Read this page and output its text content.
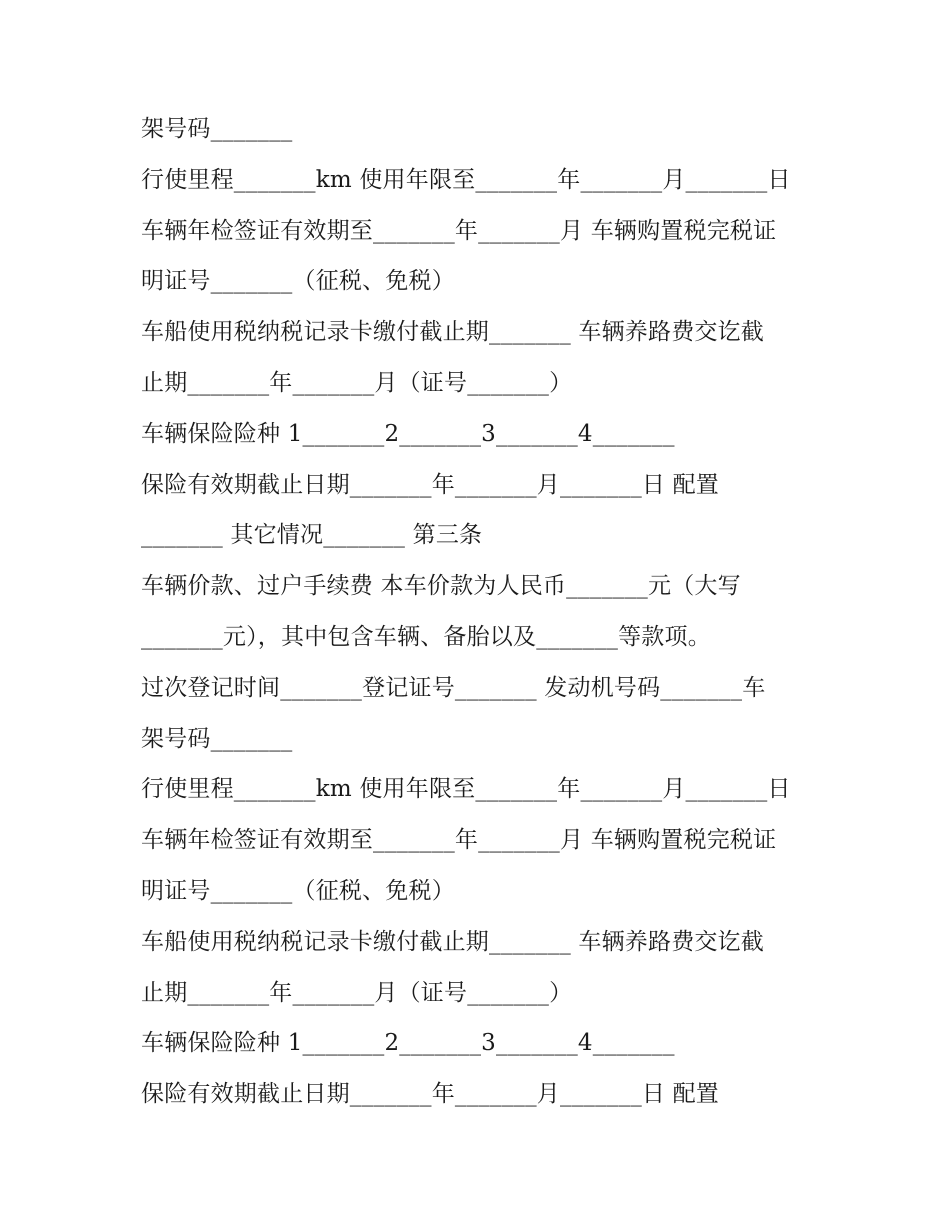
架号码_______
行使里程_______km 使用年限至_______年_______月_______日
车辆年检签证有效期至_______年_______月 车辆购置税完税证
明证号_______（征税、免税）
车船使用税纳税记录卡缴付截止期_______ 车辆养路费交讫截
止期_______年_______月（证号_______）
车辆保险险种 1_______2_______3_______4_______
保险有效期截止日期_______年_______月_______日 配置
_______ 其它情况_______ 第三条
车辆价款、过户手续费 本车价款为人民币_______元（大写
_______元），其中包含车辆、备胎以及_______等款项。
过次登记时间_______登记证号_______ 发动机号码_______车
架号码_______
行使里程_______km 使用年限至_______年_______月_______日
车辆年检签证有效期至_______年_______月 车辆购置税完税证
明证号_______（征税、免税）
车船使用税纳税记录卡缴付截止期_______ 车辆养路费交讫截
止期_______年_______月（证号_______）
车辆保险险种 1_______2_______3_______4_______
保险有效期截止日期_______年_______月_______日 配置
